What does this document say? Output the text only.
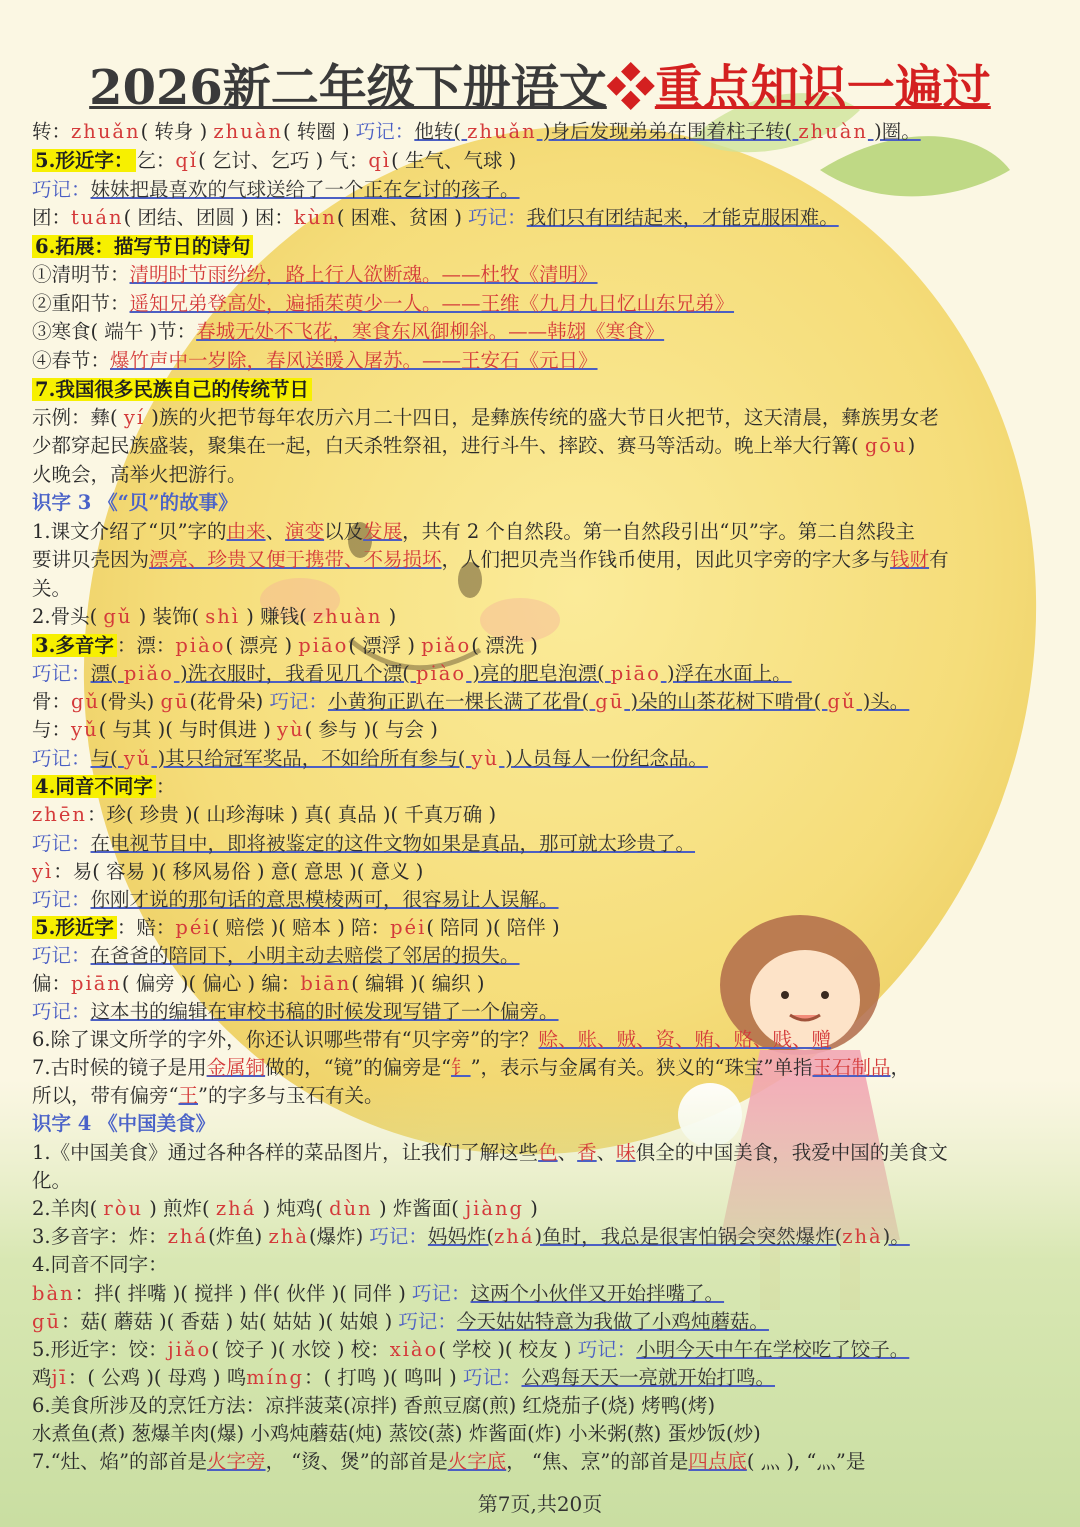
2026新二年级下册语文❖重点知识一遍过
转：zhuǎn( 转身 ) zhuàn( 转圈 ) 巧记：他转( zhuǎn )身后发现弟弟在围着柱子转( zhuàn )圈。
5.形近字： 乞：qǐ( 乞讨、乞巧 ) 气：qì( 生气、气球 )
巧记：妹妹把最喜欢的气球送给了一个正在乞讨的孩子。
团：tuán( 团结、团圆 ) 困：kùn( 困难、贫困 ) 巧记：我们只有团结起来，才能克服困难。
6.拓展：描写节日的诗句
①清明节：清明时节雨纷纷，路上行人欲断魂。——杜牧《清明》
②重阳节：遥知兄弟登高处，遍插茱萸少一人。——王维《九月九日忆山东兄弟》
③寒食( 端午 )节：春城无处不飞花，寒食东风御柳斜。——韩翃《寒食》
④春节：爆竹声中一岁除，春风送暖入屠苏。——王安石《元日》
7.我国很多民族自己的传统节日
示例：彝( yí )族的火把节每年农历六月二十四日，是彝族传统的盛大节日火把节，这天清晨，彝族男女老
少都穿起民族盛装，聚集在一起，白天杀牲祭祖，进行斗牛、摔跤、赛马等活动。晚上举大行篝( gōu)
火晚会，高举火把游行。
识字 3 《“贝”的故事》
1.课文介绍了“贝”字的由来、演变以及发展，共有 2 个自然段。第一自然段引出“贝”字。第二自然段主
要讲贝壳因为漂亮、珍贵又便于携带、不易损坏，人们把贝壳当作钱币使用，因此贝字旁的字大多与钱财有
关。
2.骨头( gǔ ) 装饰( shì ) 赚钱( zhuàn )
3.多音字 ：漂：piào( 漂亮 ) piāo( 漂浮 ) piǎo( 漂洗 )
巧记：漂( piǎo )洗衣服时，我看见几个漂( piào )亮的肥皂泡漂( piāo )浮在水面上。
骨：gǔ(骨头) gū(花骨朵) 巧记：小黄狗正趴在一棵长满了花骨( gū )朵的山茶花树下啃骨( gǔ )头。
与：yǔ( 与其 )( 与时俱进 ) yù( 参与 )( 与会 )
巧记：与( yǔ )其只给冠军奖品，不如给所有参与( yù )人员每人一份纪念品。
4.同音不同字 ：
zhēn：珍( 珍贵 )( 山珍海味 ) 真( 真品 )( 千真万确 )
巧记：在电视节目中，即将被鉴定的这件文物如果是真品，那可就太珍贵了。
yì：易( 容易 )( 移风易俗 ) 意( 意思 )( 意义 )
巧记：你刚才说的那句话的意思模棱两可，很容易让人误解。
5.形近字 ：赔：péi( 赔偿 )( 赔本 ) 陪：péi( 陪同 )( 陪伴 )
巧记：在爸爸的陪同下，小明主动去赔偿了邻居的损失。
偏：piān( 偏旁 )( 偏心 ) 编：biān( 编辑 )( 编织 )
巧记：这本书的编辑在审校书稿的时候发现写错了一个偏旁。
6.除了课文所学的字外，你还认识哪些带有“贝字旁”的字？赊、账、贼、资、贿、赂、贱、赠
7.古时候的镜子是用金属铜做的，“镜”的偏旁是“钅”，表示与金属有关。狭义的“珠宝”单指玉石制品，
所以，带有偏旁“王”的字多与玉石有关。
识字 4 《中国美食》
1.《中国美食》通过各种各样的菜品图片，让我们了解这些色、香、味俱全的中国美食，我爱中国的美食文
化。
2.羊肉( ròu ) 煎炸( zhá ) 炖鸡( dùn ) 炸酱面( jiàng )
3.多音字：炸：zhá(炸鱼) zhà(爆炸) 巧记：妈妈炸(zhá)鱼时，我总是很害怕锅会突然爆炸(zhà)。
4.同音不同字：
bàn：拌( 拌嘴 )( 搅拌 ) 伴( 伙伴 )( 同伴 ) 巧记：这两个小伙伴又开始拌嘴了。
gū：菇( 蘑菇 )( 香菇 ) 姑( 姑姑 )( 姑娘 ) 巧记：今天姑姑特意为我做了小鸡炖蘑菇。
5.形近字：饺：jiǎo( 饺子 )( 水饺 ) 校：xiào( 学校 )( 校友 ) 巧记：小明今天中午在学校吃了饺子。
鸡jī：( 公鸡 )( 母鸡 ) 鸣míng：( 打鸣 )( 鸣叫 ) 巧记：公鸡每天天一亮就开始打鸣。
6.美食所涉及的烹饪方法：凉拌菠菜(凉拌) 香煎豆腐(煎) 红烧茄子(烧) 烤鸭(烤)
水煮鱼(煮) 葱爆羊肉(爆) 小鸡炖蘑菇(炖) 蒸饺(蒸) 炸酱面(炸) 小米粥(熬) 蛋炒饭(炒)
7.“灶、焰”的部首是火字旁， “烫、煲”的部首是火字底， “焦、烹”的部首是四点底( 灬 ), “灬”是
第7页,共20页
